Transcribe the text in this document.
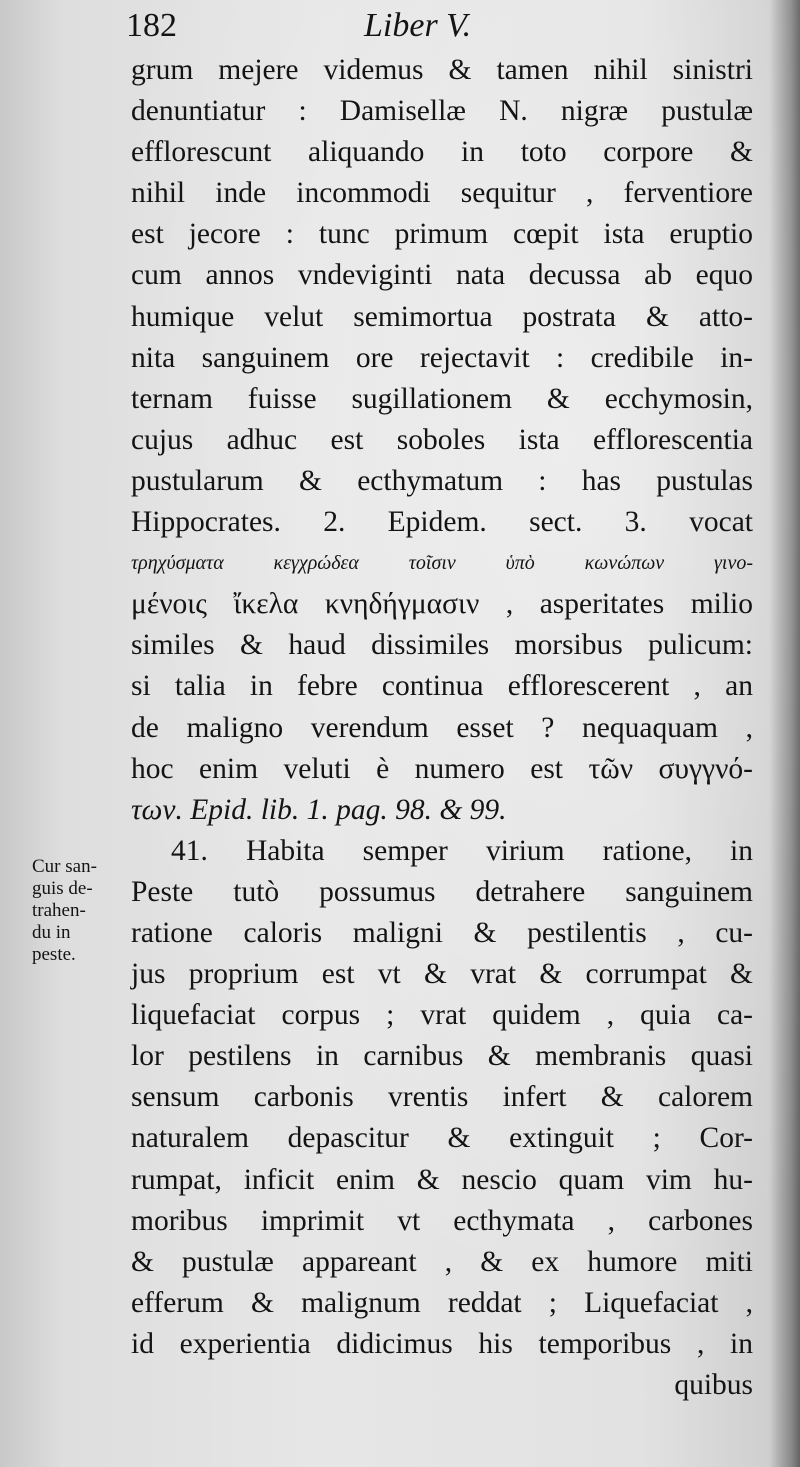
182	Liber V.
Cur san-
guis de-
trahen-
du in
peste.
grum mejere videmus & tamen nihil sinistri
denuntiatur : Damisellæ N. nigræ pustulæ
efflorescunt aliquando in toto corpore &
nihil inde incommodi sequitur , ferventiore
est jecore : tunc primum cœpit ista eruptio
cum annos vndeviginti nata decussa ab equo
humique velut semimortua postrata & atto-
nita sanguinem ore rejectavit : credibile in-
ternam fuisse sugillationem & ecchymosin,
cujus adhuc est soboles ista efflorescentia
pustularum & ecthymatum : has pustulas
Hippocrates. 2. Epidem. sect. 3. vocat
τρηχύσματα κεγχρώδεα τοῖσιν ὑπὸ κωνώπων γινο-
μένοις ἴκελα κνηδήγμασιν , asperitates milio
similes & haud dissimiles morsibus pulicum:
si talia in febre continua efflorescerent , an
de maligno verendum esset ? nequaquam ,
hoc enim veluti è numero est τῶν συγγνό-
των. Epid. lib. 1. pag. 98. & 99.
41. Habita semper virium ratione, in
Peste tutò possumus detrahere sanguinem
ratione caloris maligni & pestilentis , cu-
jus proprium est vt & vrat & corrumpat &
liquefaciat corpus ; vrat quidem , quia ca-
lor pestilens in carnibus & membranis quasi
sensum carbonis vrentis infert & calorem
naturalem depascitur & extinguit ; Cor-
rumpat, inficit enim & nescio quam vim hu-
moribus imprimit vt ecthymata , carbones
& pustulæ appareant , & ex humore miti
efferum & malignum reddat ; Liquefaciat ,
id experientia didicimus his temporibus , in
quibus
